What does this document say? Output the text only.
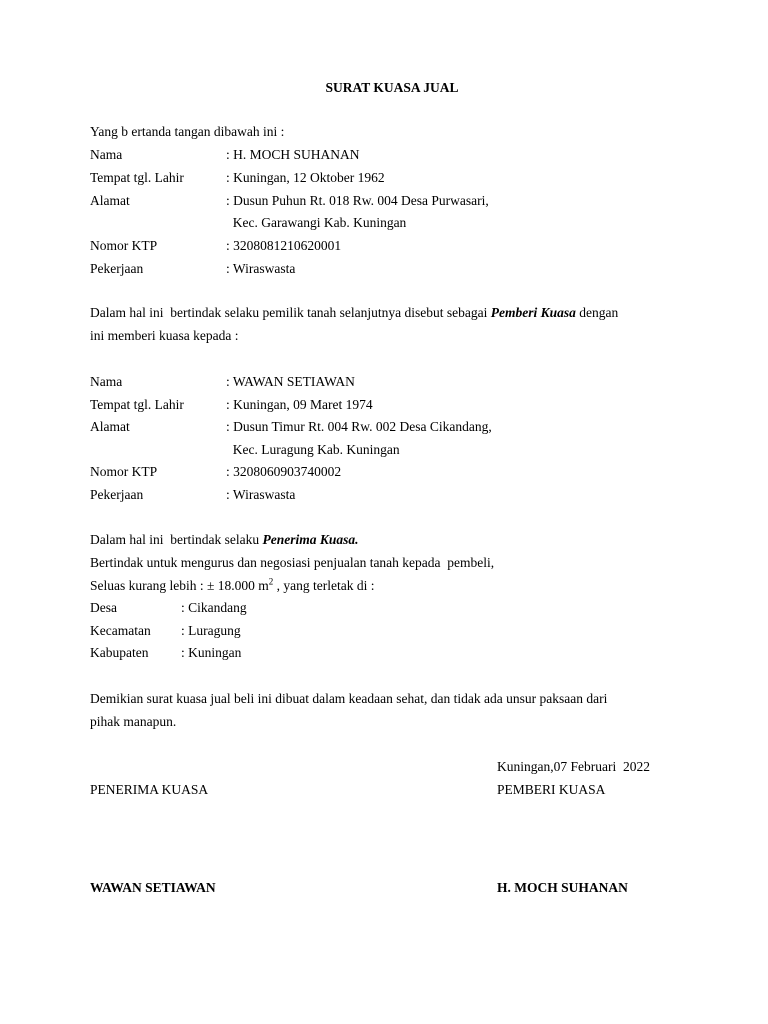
SURAT KUASA JUAL
Yang b ertanda tangan dibawah ini :
Nama	: H. MOCH SUHANAN
Tempat tgl. Lahir	: Kuningan, 12 Oktober 1962
Alamat	: Dusun Puhun Rt. 018 Rw. 004 Desa Purwasari,
Kec. Garawangi Kab. Kuningan
Nomor KTP	: 3208081210620001
Pekerjaan	: Wiraswasta
Dalam hal ini  bertindak selaku pemilik tanah selanjutnya disebut sebagai Pemberi Kuasa dengan
ini memberi kuasa kepada :
Nama	: WAWAN SETIAWAN
Tempat tgl. Lahir	: Kuningan, 09 Maret 1974
Alamat	: Dusun Timur Rt. 004 Rw. 002 Desa Cikandang,
Kec. Luragung Kab. Kuningan
Nomor KTP	: 3208060903740002
Pekerjaan	: Wiraswasta
Dalam hal ini  bertindak selaku Penerima Kuasa.
Bertindak untuk mengurus dan negosiasi penjualan tanah kepada  pembeli,
Seluas kurang lebih : ± 18.000 $m^2$ , yang terletak di :
Desa	: Cikandang
Kecamatan : Luragung
Kabupaten : Kuningan
Demikian surat kuasa jual beli ini dibuat dalam keadaan sehat, dan tidak ada unsur paksaan dari
pihak manapun.
Kuningan,07 Februari  2022
PENERIMA KUASA	PEMBERI KUASA
WAWAN SETIAWAN	H. MOCH SUHANAN
